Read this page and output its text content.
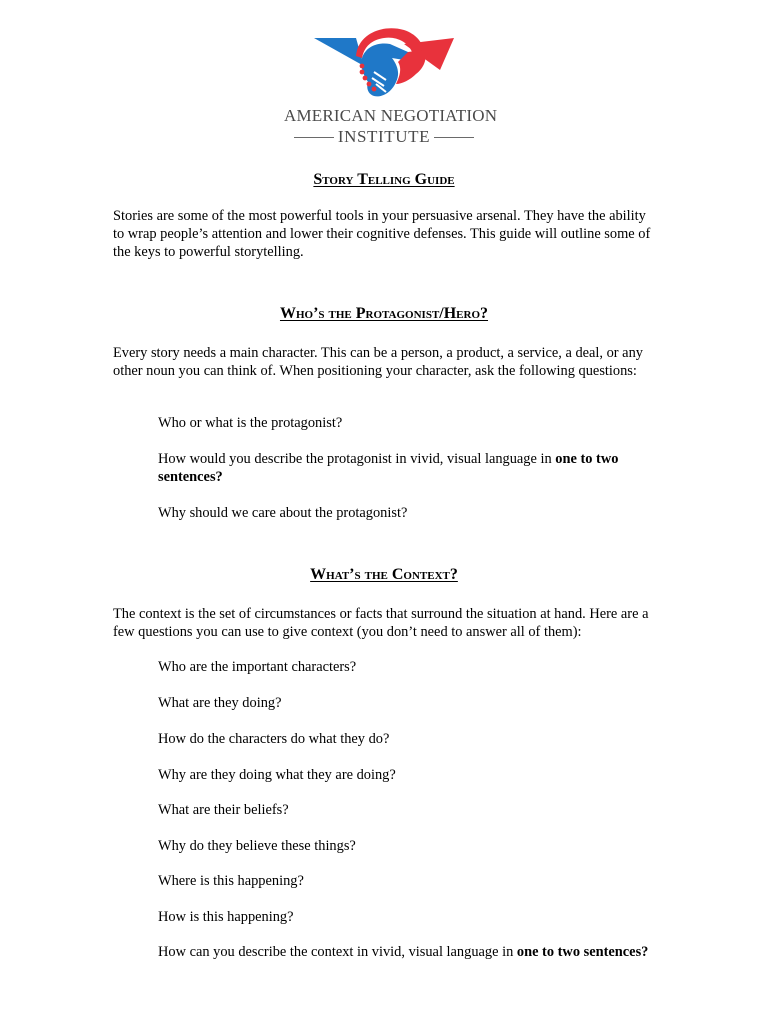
AMERICAN NEGOTIATION
INSTITUTE
Story Telling Guide
Stories are some of the most powerful tools in your persuasive arsenal. They have the ability to wrap people’s attention and lower their cognitive defenses. This guide will outline some of the keys to powerful storytelling.
Who’s the Protagonist/Hero?
Every story needs a main character. This can be a person, a product, a service, a deal, or any other noun you can think of. When positioning your character, ask the following questions:
Who or what is the protagonist?
How would you describe the protagonist in vivid, visual language in one to two sentences?
Why should we care about the protagonist?
What’s the Context?
The context is the set of circumstances or facts that surround the situation at hand. Here are a few questions you can use to give context (you don’t need to answer all of them):
Who are the important characters?
What are they doing?
How do the characters do what they do?
Why are they doing what they are doing?
What are their beliefs?
Why do they believe these things?
Where is this happening?
How is this happening?
How can you describe the context in vivid, visual language in one to two sentences?
